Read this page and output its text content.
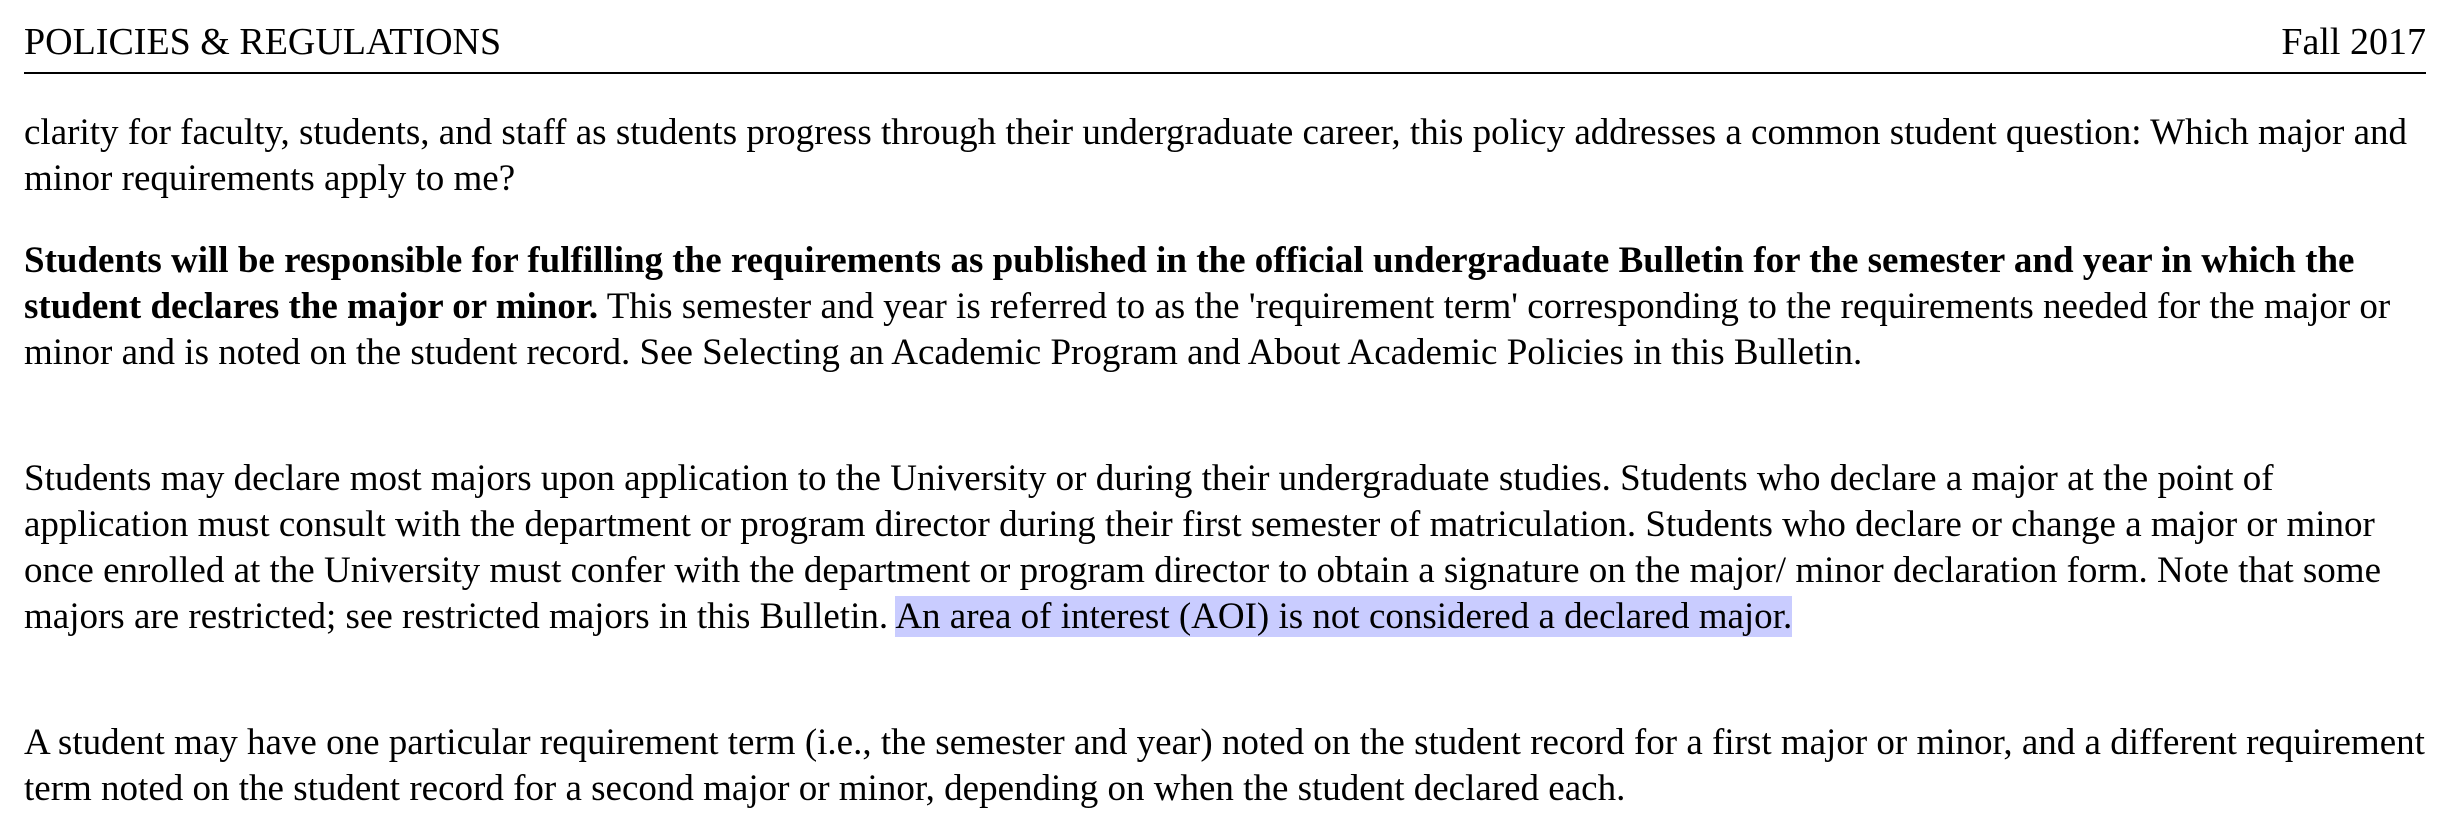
POLICIES & REGULATIONS	Fall 2017

clarity for faculty, students, and staff as students progress through their undergraduate career, this policy addresses a common student question: Which major and minor requirements apply to me?

Students will be responsible for fulfilling the requirements as published in the official undergraduate Bulletin for the semester and year in which the student declares the major or minor. This semester and year is referred to as the 'requirement term' corresponding to the requirements needed for the major or minor and is noted on the student record. See Selecting an Academic Program and About Academic Policies in this Bulletin.

Students may declare most majors upon application to the University or during their undergraduate studies. Students who declare a major at the point of application must consult with the department or program director during their first semester of matriculation. Students who declare or change a major or minor once enrolled at the University must confer with the department or program director to obtain a signature on the major/ minor declaration form. Note that some majors are restricted; see restricted majors in this Bulletin. An area of interest (AOI) is not considered a declared major.

A student may have one particular requirement term (i.e., the semester and year) noted on the student record for a first major or minor, and a different requirement term noted on the student record for a second major or minor, depending on when the student declared each.
